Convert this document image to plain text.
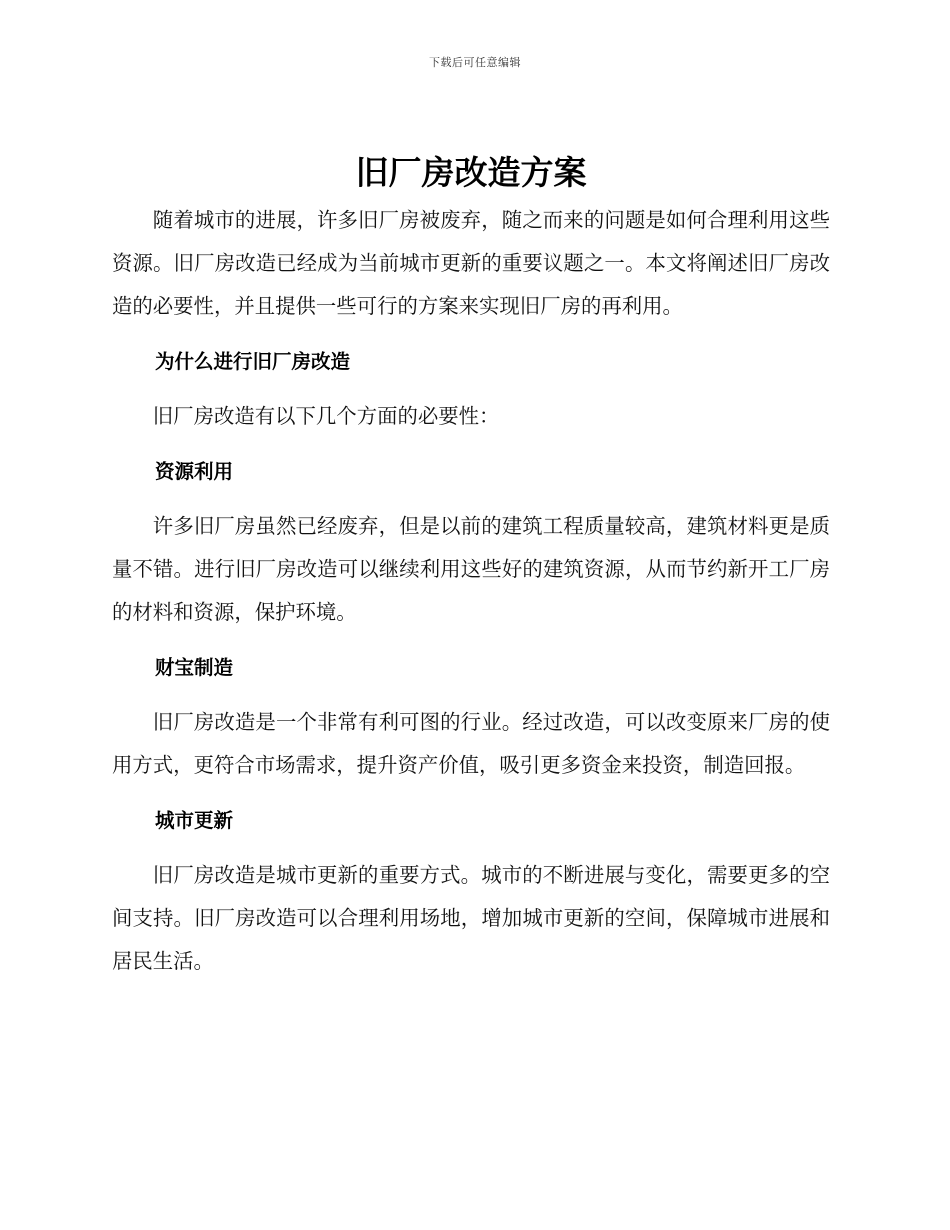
下载后可任意编辑
旧厂房改造方案

随着城市的进展，许多旧厂房被废弃，随之而来的问题是如何合理利用这些资源。旧厂房改造已经成为当前城市更新的重要议题之一。本文将阐述旧厂房改造的必要性，并且提供一些可行的方案来实现旧厂房的再利用。

为什么进行旧厂房改造

旧厂房改造有以下几个方面的必要性：

资源利用

许多旧厂房虽然已经废弃，但是以前的建筑工程质量较高，建筑材料更是质量不错。进行旧厂房改造可以继续利用这些好的建筑资源，从而节约新开工厂房的材料和资源，保护环境。

财宝制造

旧厂房改造是一个非常有利可图的行业。经过改造，可以改变原来厂房的使用方式，更符合市场需求，提升资产价值，吸引更多资金来投资，制造回报。

城市更新

旧厂房改造是城市更新的重要方式。城市的不断进展与变化，需要更多的空间支持。旧厂房改造可以合理利用场地，增加城市更新的空间，保障城市进展和居民生活。
